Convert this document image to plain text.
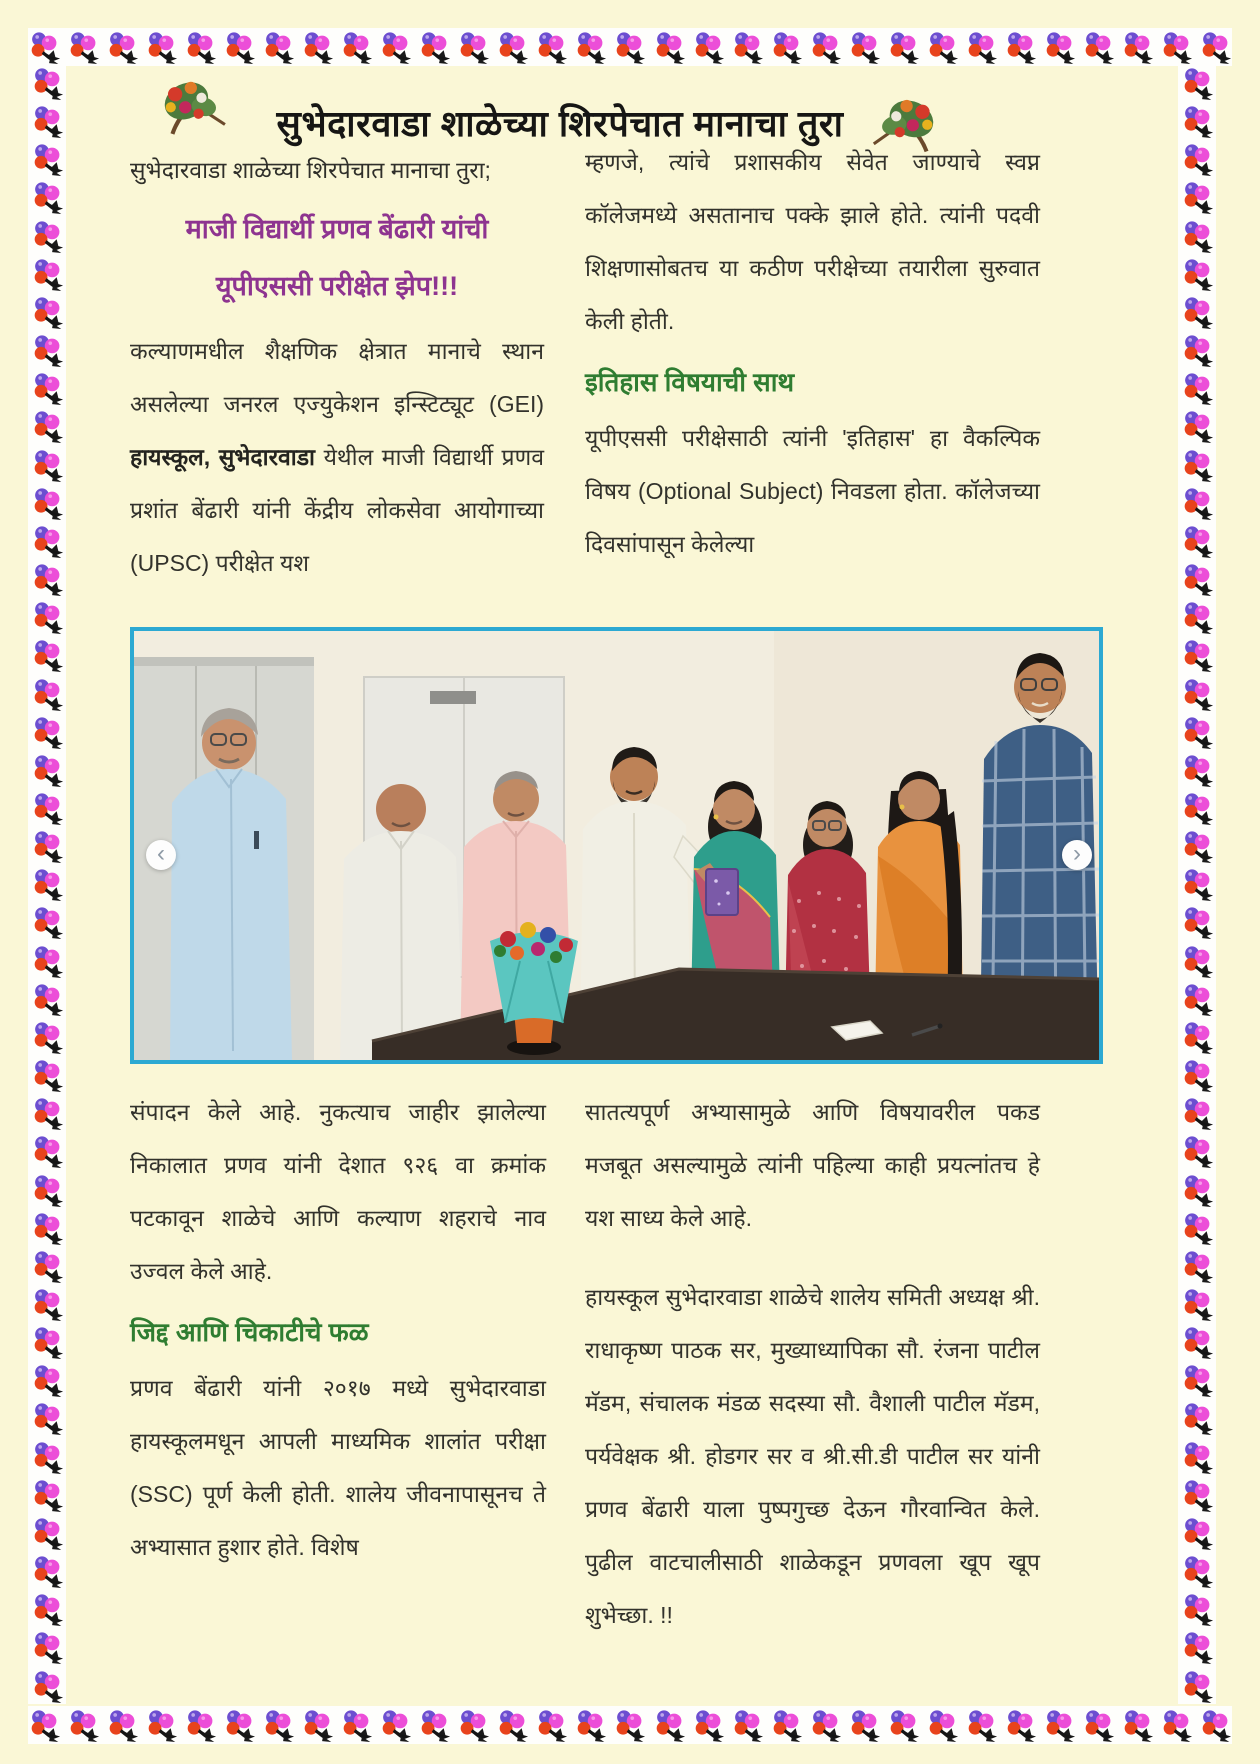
सुभेदारवाडा शाळेच्या शिरपेचात मानाचा तुरा
सुभेदारवाडा शाळेच्या शिरपेचात मानाचा तुरा;
माजी विद्यार्थी प्रणव बेंढारी यांची
यूपीएससी परीक्षेत झेप!!!

कल्याणमधील शैक्षणिक क्षेत्रात मानाचे स्थान असलेल्या जनरल एज्युकेशन इन्स्टिट्यूट (GEI) हायस्कूल, सुभेदारवाडा येथील माजी विद्यार्थी प्रणव प्रशांत बेंढारी यांनी केंद्रीय लोकसेवा आयोगाच्या (UPSC) परीक्षेत यश

म्हणजे, त्यांचे प्रशासकीय सेवेत जाण्याचे स्वप्न कॉलेजमध्ये असतानाच पक्के झाले होते. त्यांनी पदवी शिक्षणासोबतच या कठीण परीक्षेच्या तयारीला सुरुवात केली होती.

इतिहास विषयाची साथ

यूपीएससी परीक्षेसाठी त्यांनी 'इतिहास' हा वैकल्पिक विषय (Optional Subject) निवडला होता. कॉलेजच्या दिवसांपासून केलेल्या

‹	›

संपादन केले आहे. नुकत्याच जाहीर झालेल्या निकालात प्रणव यांनी देशात ९२६ वा क्रमांक पटकावून शाळेचे आणि कल्याण शहराचे नाव उज्वल केले आहे.

जिद्द आणि चिकाटीचे फळ

प्रणव बेंढारी यांनी २०१७ मध्ये सुभेदारवाडा हायस्कूलमधून आपली माध्यमिक शालांत परीक्षा (SSC) पूर्ण केली होती. शालेय जीवनापासूनच ते अभ्यासात हुशार होते. विशेष

सातत्यपूर्ण अभ्यासामुळे आणि विषयावरील पकड मजबूत असल्यामुळे त्यांनी पहिल्या काही प्रयत्नांतच हे यश साध्य केले आहे.

हायस्कूल सुभेदारवाडा शाळेचे शालेय समिती अध्यक्ष श्री. राधाकृष्ण पाठक सर, मुख्याध्यापिका सौ. रंजना पाटील मॅडम, संचालक मंडळ सदस्या सौ. वैशाली पाटील मॅडम, पर्यवेक्षक श्री. होडगर सर व श्री.सी.डी पाटील सर यांनी प्रणव बेंढारी याला पुष्पगुच्छ देऊन गौरवान्वित केले. पुढील वाटचालीसाठी शाळेकडून प्रणवला खूप खूप शुभेच्छा. !!
